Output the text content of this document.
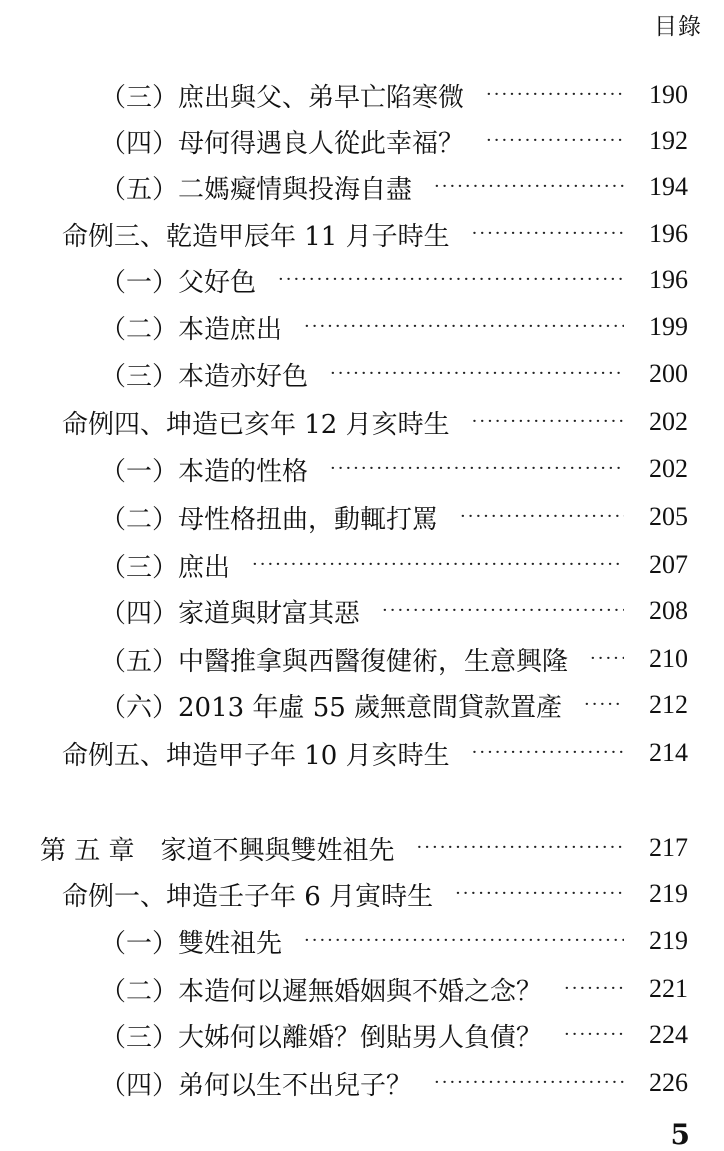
目錄
（三）庶出與父、弟早亡陷寒微 ·····	190
（四）母何得遇良人從此幸福？ ·····	192
（五）二媽癡情與投海自盡 ·····	194
命例三、乾造甲辰年 11 月子時生 ·····	196
（一）父好色 ·····	196
（二）本造庶出 ·····	199
（三）本造亦好色 ·····	200
命例四、坤造已亥年 12 月亥時生 ·····	202
（一）本造的性格 ·····	202
（二）母性格扭曲，動輒打罵 ·····	205
（三）庶出 ·····	207
（四）家道與財富其惡 ·····	208
（五）中醫推拿與西醫復健術，生意興隆 ·····	210
（六）2013 年虛 55 歲無意間貸款置產 ·····	212
命例五、坤造甲子年 10 月亥時生 ·····	214
第 五 章　家道不興與雙姓祖先 ·····	217
命例一、坤造壬子年 6 月寅時生 ·····	219
（一）雙姓祖先 ·····	219
（二）本造何以遲無婚姻與不婚之念？ ·····	221
（三）大姊何以離婚？倒貼男人負債？ ·····	224
（四）弟何以生不出兒子？ ·····	226
5
